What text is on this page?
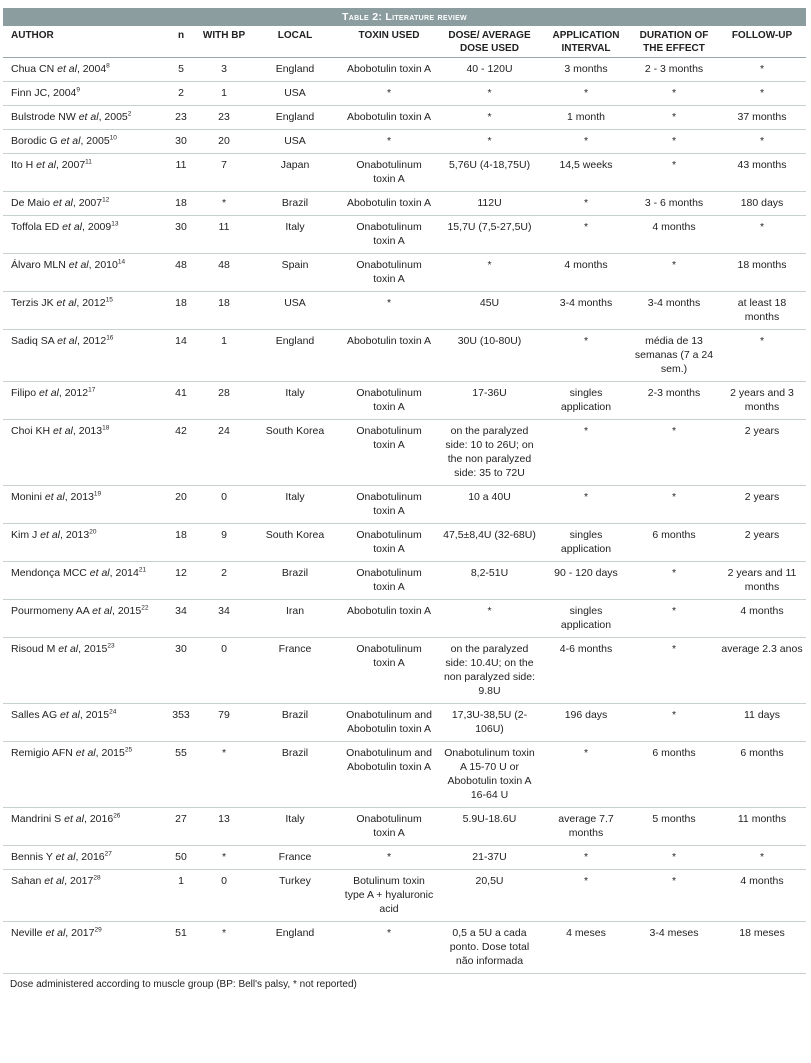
Table 2: Literature review
AUTHOR	n	WITH BP	LOCAL	TOXIN USED	DOSE/ AVERAGE DOSE USED	APPLICATION INTERVAL	DURATION OF THE EFFECT	FOLLOW-UP
Chua CN et al, 2004$^8$	5	3	England	Abobotulin toxin A	40 - 120U	3 months	2 - 3 months	*
Finn JC, 2004$^9$	2	1	USA	*	*	*	*	*
Bulstrode NW et al, 2005$^2$	23	23	England	Abobotulin toxin A	*	1 month	*	37 months
Borodic G et al, 2005$^{10}$	30	20	USA	*	*	*	*	*
Ito H et al, 2007$^{11}$	11	7	Japan	Onabotulinum toxin A	5,76U (4-18,75U)	14,5 weeks	*	43 months
De Maio et al, 2007$^{12}$	18	*	Brazil	Abobotulin toxin A	112U	*	3 - 6 months	180 days
Toffola ED et al, 2009$^{13}$	30	11	Italy	Onabotulinum toxin A	15,7U (7,5-27,5U)	*	4 months	*
Álvaro MLN et al, 2010$^{14}$	48	48	Spain	Onabotulinum toxin A	*	4 months	*	18 months
Terzis JK et al, 2012$^{15}$	18	18	USA	*	45U	3-4 months	3-4 months	at least 18 months
Sadiq SA et al, 2012$^{16}$	14	1	England	Abobotulin toxin A	30U (10-80U)	*	média de 13 semanas (7 a 24 sem.)	*
Filipo et al, 2012$^{17}$	41	28	Italy	Onabotulinum toxin A	17-36U	singles application	2-3 months	2 years and 3 months
Choi KH et al, 2013$^{18}$	42	24	South Korea	Onabotulinum toxin A	on the paralyzed side: 10 to 26U; on the non paralyzed side: 35 to 72U	*	*	2 years
Monini et al, 2013$^{19}$	20	0	Italy	Onabotulinum toxin A	10 a 40U	*	*	2 years
Kim J et al, 2013$^{20}$	18	9	South Korea	Onabotulinum toxin A	47,5±8,4U (32-68U)	singles application	6 months	2 years
Mendonça MCC et al, 2014$^{21}$	12	2	Brazil	Onabotulinum toxin A	8,2-51U	90 - 120 days	*	2 years and 11 months
Pourmomeny AA et al, 2015$^{22}$	34	34	Iran	Abobotulin toxin A	*	singles application	*	4 months
Risoud M et al, 2015$^{23}$	30	0	France	Onabotulinum toxin A	on the paralyzed side: 10.4U; on the non paralyzed side: 9.8U	4-6 months	*	average 2.3 anos
Salles AG et al, 2015$^{24}$	353	79	Brazil	Onabotulinum and Abobotulin toxin A	17,3U-38,5U (2-106U)	196 days	*	11 days
Remigio AFN et al, 2015$^{25}$	55	*	Brazil	Onabotulinum and Abobotulin toxin A	Onabotulinum toxin A 15-70 U or Abobotulin toxin A 16-64 U	*	6 months	6 months
Mandrini S et al, 2016$^{26}$	27	13	Italy	Onabotulinum toxin A	5.9U-18.6U	average 7.7 months	5 months	11 months
Bennis Y et al, 2016$^{27}$	50	*	France	*	21-37U	*	*	*
Sahan et al, 2017$^{28}$	1	0	Turkey	Botulinum toxin type A + hyaluronic acid	20,5U	*	*	4 months
Neville et al, 2017$^{29}$	51	*	England	*	0,5 a 5U a cada ponto. Dose total não informada	4 meses	3-4 meses	18 meses
Dose administered according to muscle group (BP: Bell's palsy, * not reported)
